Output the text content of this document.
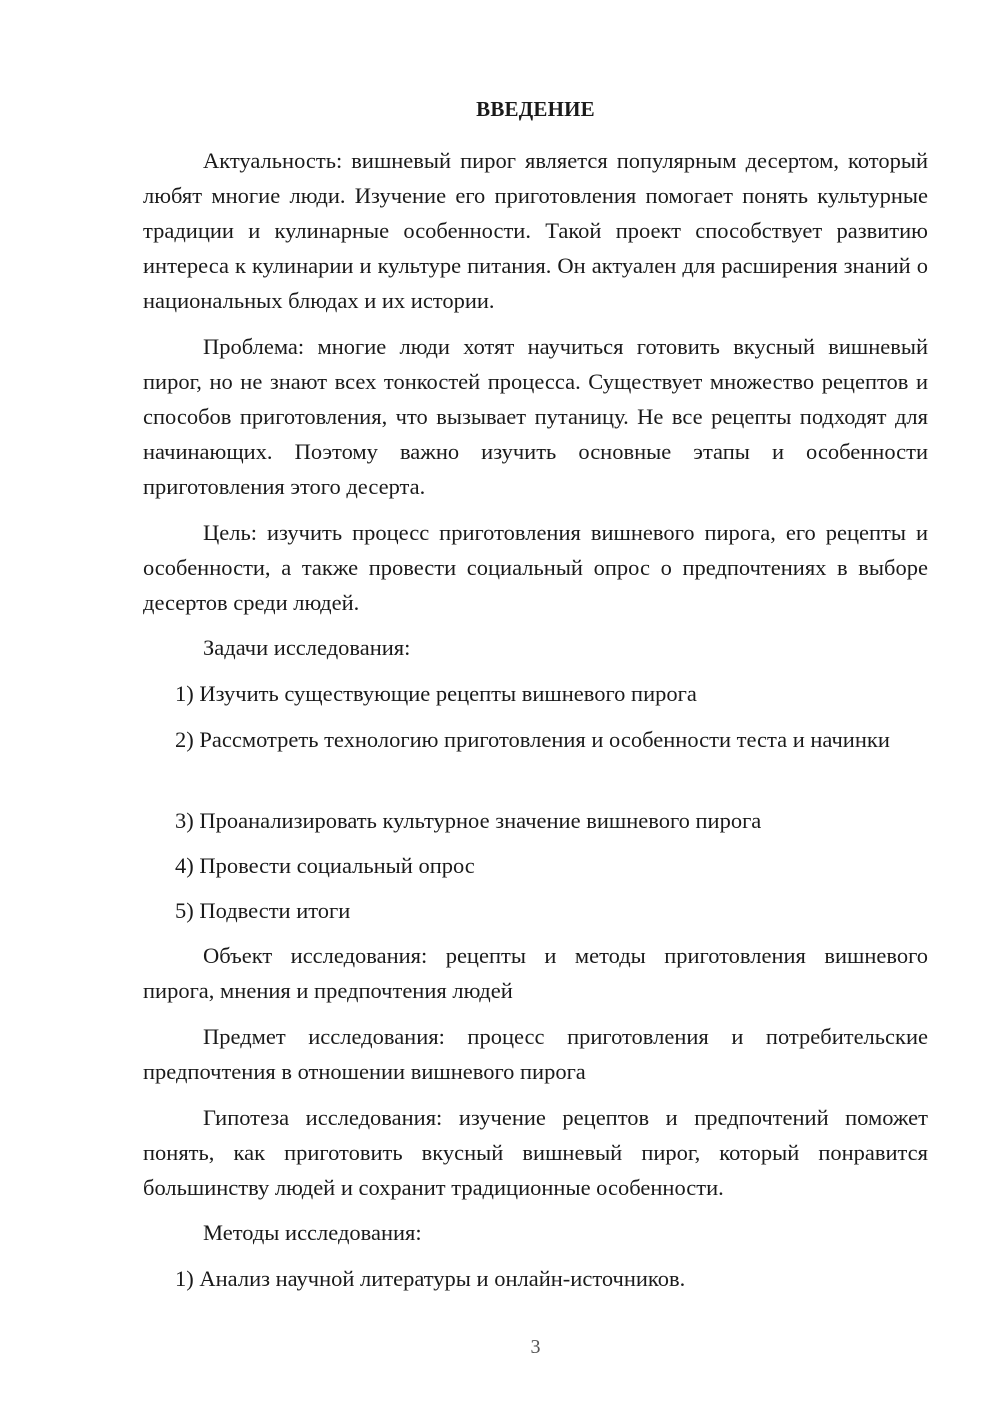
ВВЕДЕНИЕ

Актуальность: вишневый пирог является популярным десертом, который любят многие люди. Изучение его приготовления помогает понять культурные традиции и кулинарные особенности. Такой проект способствует развитию интереса к кулинарии и культуре питания. Он актуален для расширения знаний о национальных блюдах и их истории.

Проблема: многие люди хотят научиться готовить вкусный вишневый пирог, но не знают всех тонкостей процесса. Существует множество рецептов и способов приготовления, что вызывает путаницу. Не все рецепты подходят для начинающих. Поэтому важно изучить основные этапы и особенности приготовления этого десерта.

Цель: изучить процесс приготовления вишневого пирога, его рецепты и особенности, а также провести социальный опрос о предпочтениях в выборе десертов среди людей.

Задачи исследования:

1) Изучить существующие рецепты вишневого пирога

2) Рассмотреть технологию приготовления и особенности теста и начинки

3) Проанализировать культурное значение вишневого пирога

4) Провести социальный опрос

5) Подвести итоги

Объект исследования: рецепты и методы приготовления вишневого пирога, мнения и предпочтения людей

Предмет исследования: процесс приготовления и потребительские предпочтения в отношении вишневого пирога

Гипотеза исследования: изучение рецептов и предпочтений поможет понять, как приготовить вкусный вишневый пирог, который понравится большинству людей и сохранит традиционные особенности.

Методы исследования:

1) Анализ научной литературы и онлайн-источников.

3
